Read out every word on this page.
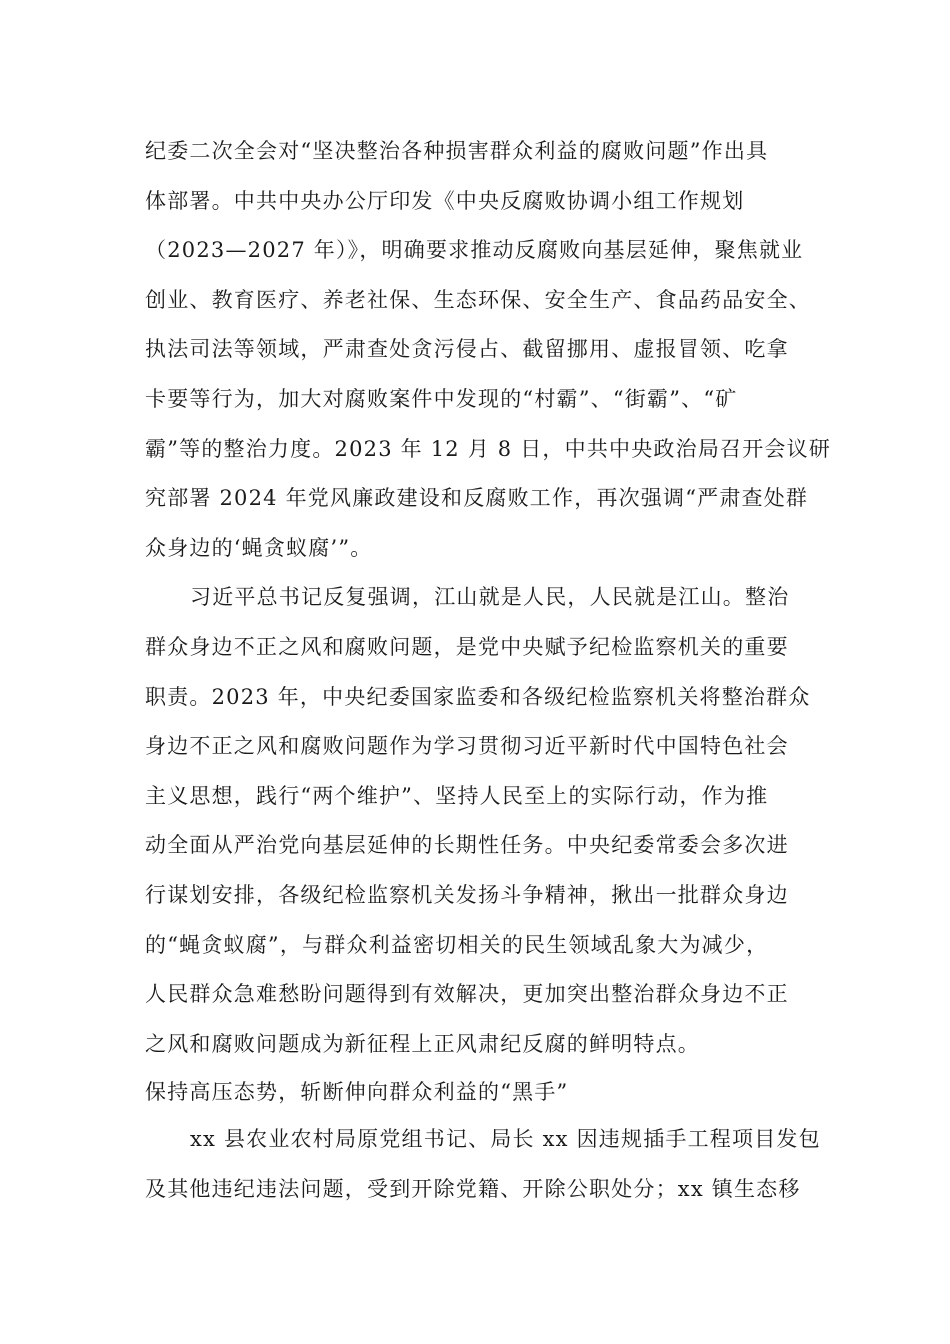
纪委二次全会对“坚决整治各种损害群众利益的腐败问题”作出具
体部署。中共中央办公厅印发《中央反腐败协调小组工作规划
（2023—2027 年）》，明确要求推动反腐败向基层延伸，聚焦就业
创业、教育医疗、养老社保、生态环保、安全生产、食品药品安全、
执法司法等领域，严肃查处贪污侵占、截留挪用、虚报冒领、吃拿
卡要等行为，加大对腐败案件中发现的“村霸”、“街霸”、“矿
霸”等的整治力度。2023 年 12 月 8 日，中共中央政治局召开会议研
究部署 2024 年党风廉政建设和反腐败工作，再次强调“严肃查处群
众身边的‘蝇贪蚁腐’”。
习近平总书记反复强调，江山就是人民，人民就是江山。整治
群众身边不正之风和腐败问题，是党中央赋予纪检监察机关的重要
职责。2023 年，中央纪委国家监委和各级纪检监察机关将整治群众
身边不正之风和腐败问题作为学习贯彻习近平新时代中国特色社会
主义思想，践行“两个维护”、坚持人民至上的实际行动，作为推
动全面从严治党向基层延伸的长期性任务。中央纪委常委会多次进
行谋划安排，各级纪检监察机关发扬斗争精神，揪出一批群众身边
的“蝇贪蚁腐”，与群众利益密切相关的民生领域乱象大为减少，
人民群众急难愁盼问题得到有效解决，更加突出整治群众身边不正
之风和腐败问题成为新征程上正风肃纪反腐的鲜明特点。
保持高压态势，斩断伸向群众利益的“黑手”
xx 县农业农村局原党组书记、局长 xx 因违规插手工程项目发包
及其他违纪违法问题，受到开除党籍、开除公职处分；xx 镇生态移
